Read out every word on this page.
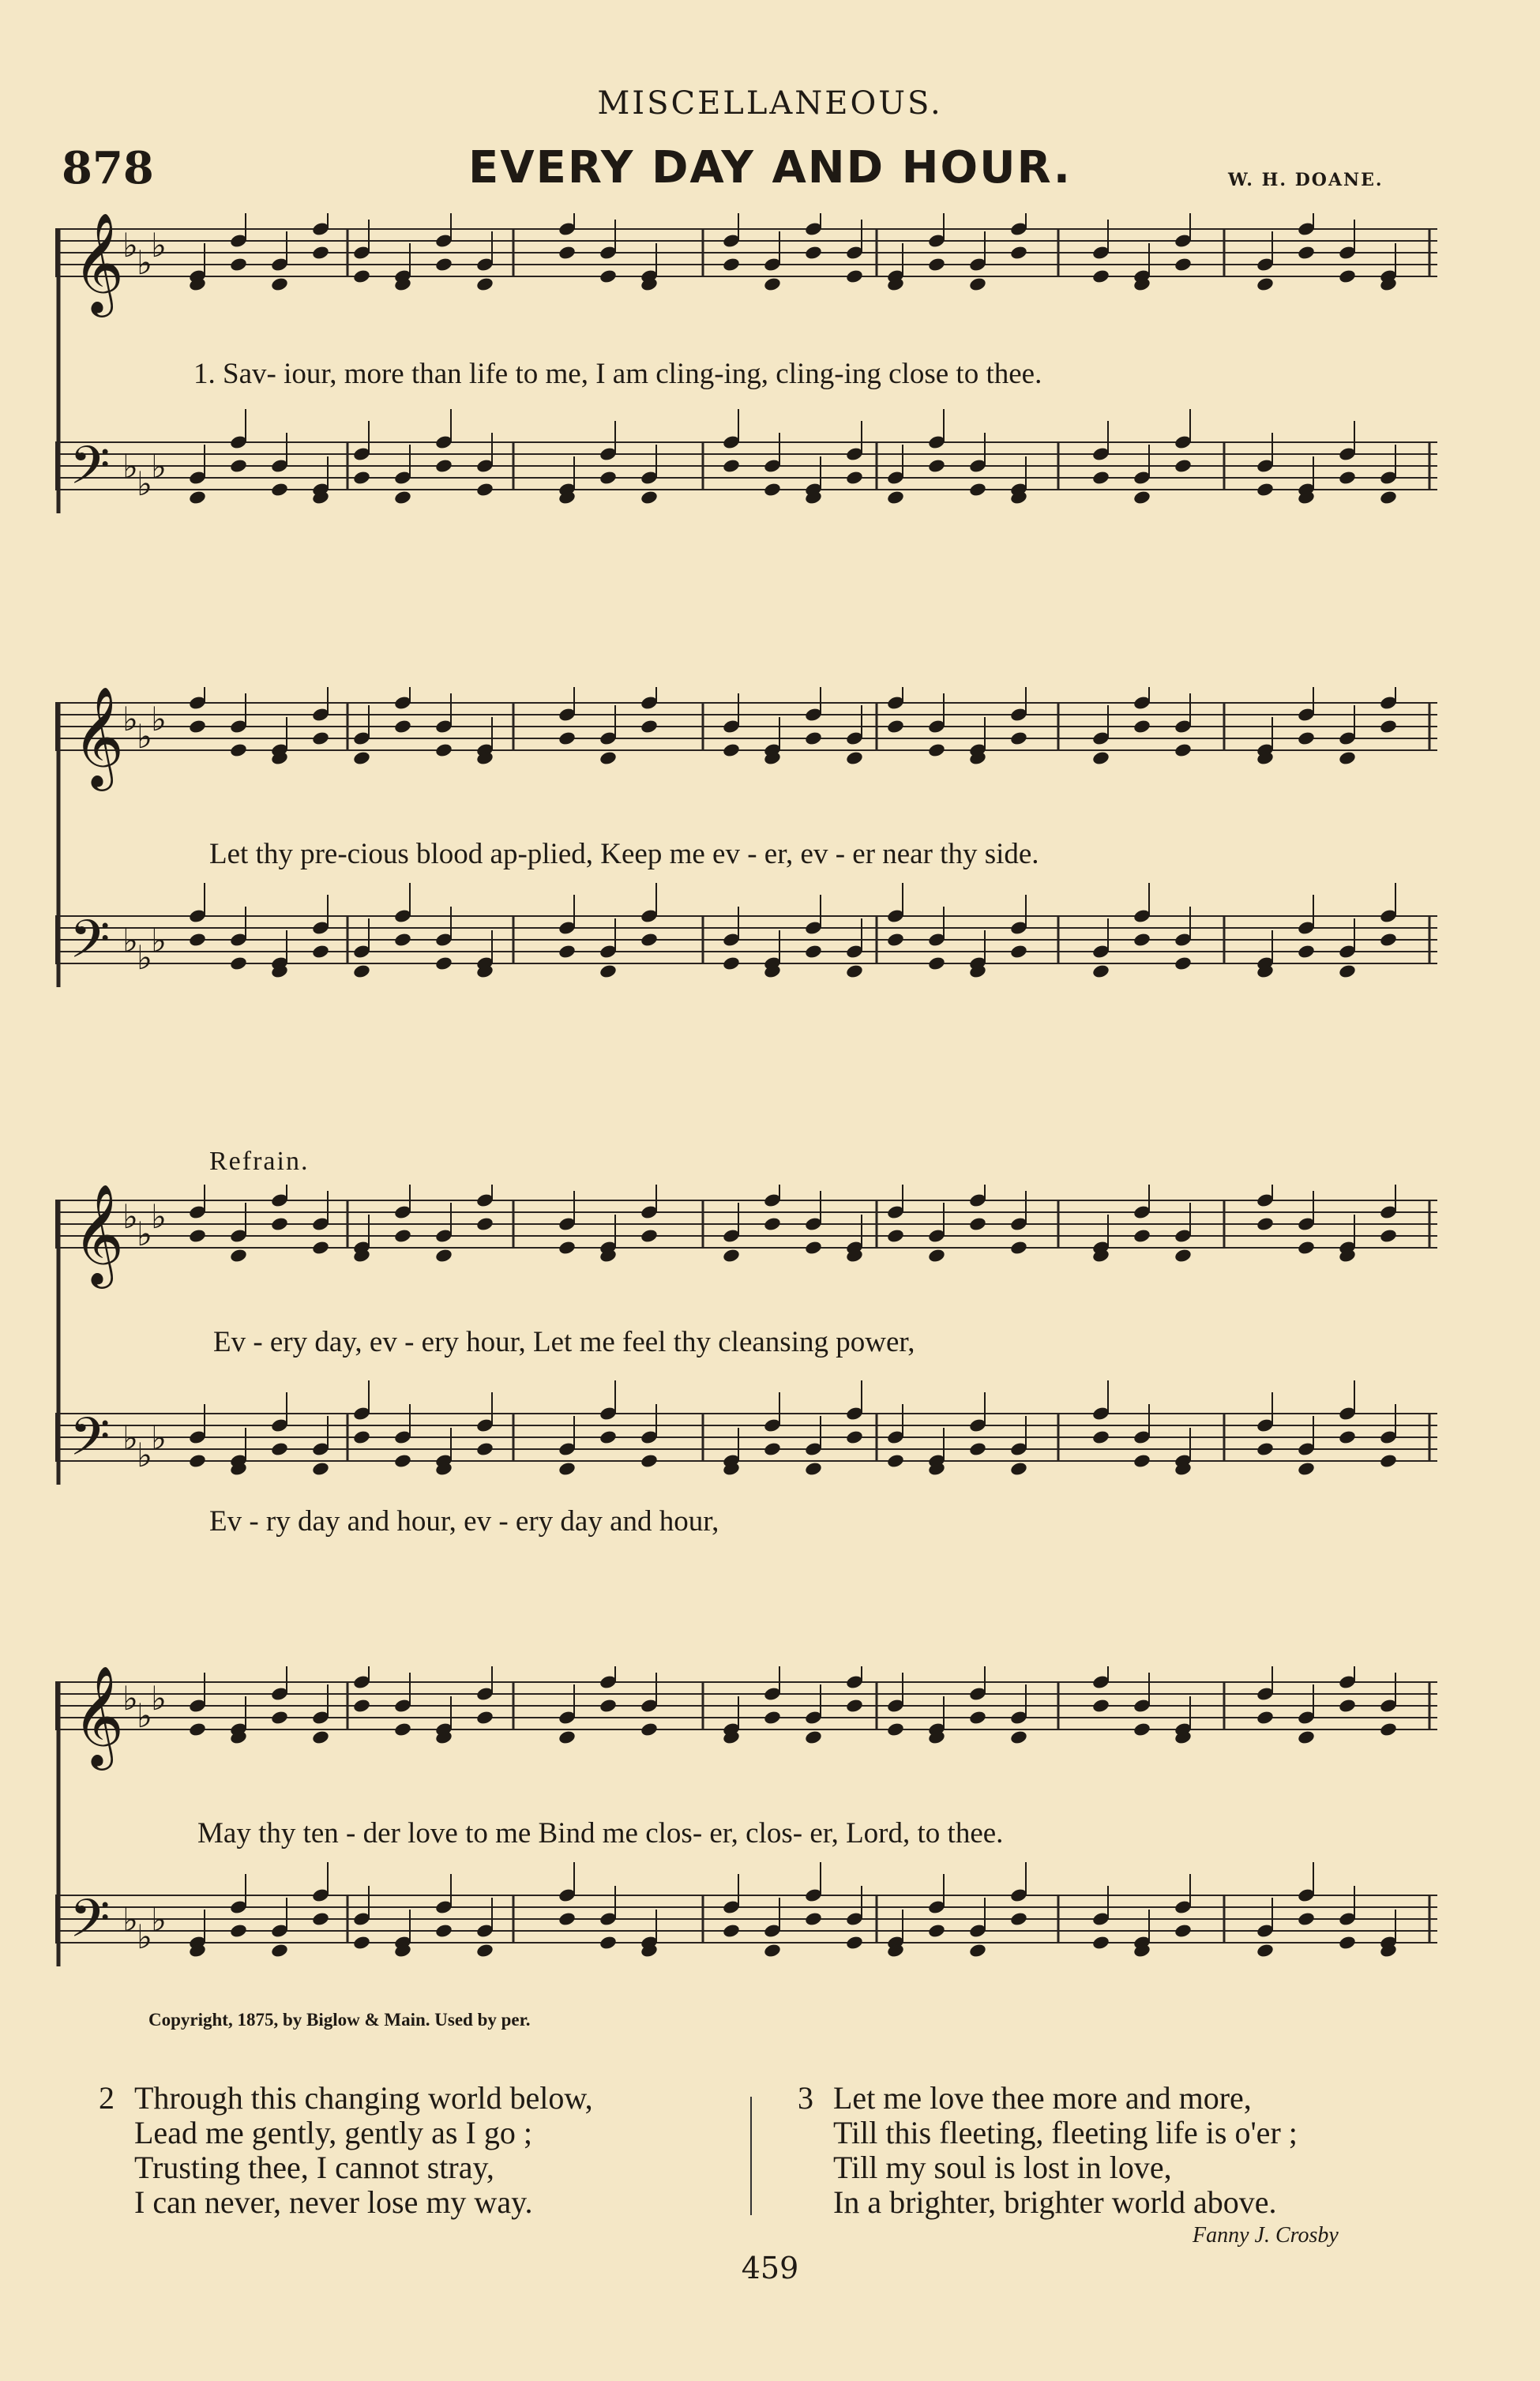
MISCELLANEOUS.
878	EVERY DAY AND HOUR.	W. H. DOANE.
𝄞
𝄢
♭
♭
♭
♭
♭
♭
1. Sav- iour, more than life to me, I am cling-ing, cling-ing close to thee.
𝄞
𝄢
♭
♭
♭
♭
♭
♭
Let thy pre-cious blood ap-plied, Keep me ev - er, ev - er near thy side.
Refrain.
𝄞
𝄢
♭
♭
♭
♭
♭
♭
Ev - ery day, ev - ery hour, Let me feel thy cleansing power,
Ev - ry day and hour, ev - ery day and hour,
𝄞
𝄢
♭
♭
♭
♭
♭
♭
May thy ten - der love to me Bind me clos- er, clos- er, Lord, to thee.
Copyright, 1875, by Biglow & Main. Used by per.
2 Through this changing world below,
Lead me gently, gently as I go ;
Trusting thee, I cannot stray,
I can never, never lose my way.
3 Let me love thee more and more,
Till this fleeting, fleeting life is o'er ;
Till my soul is lost in love,
In a brighter, brighter world above.
Fanny J. Crosby
459
